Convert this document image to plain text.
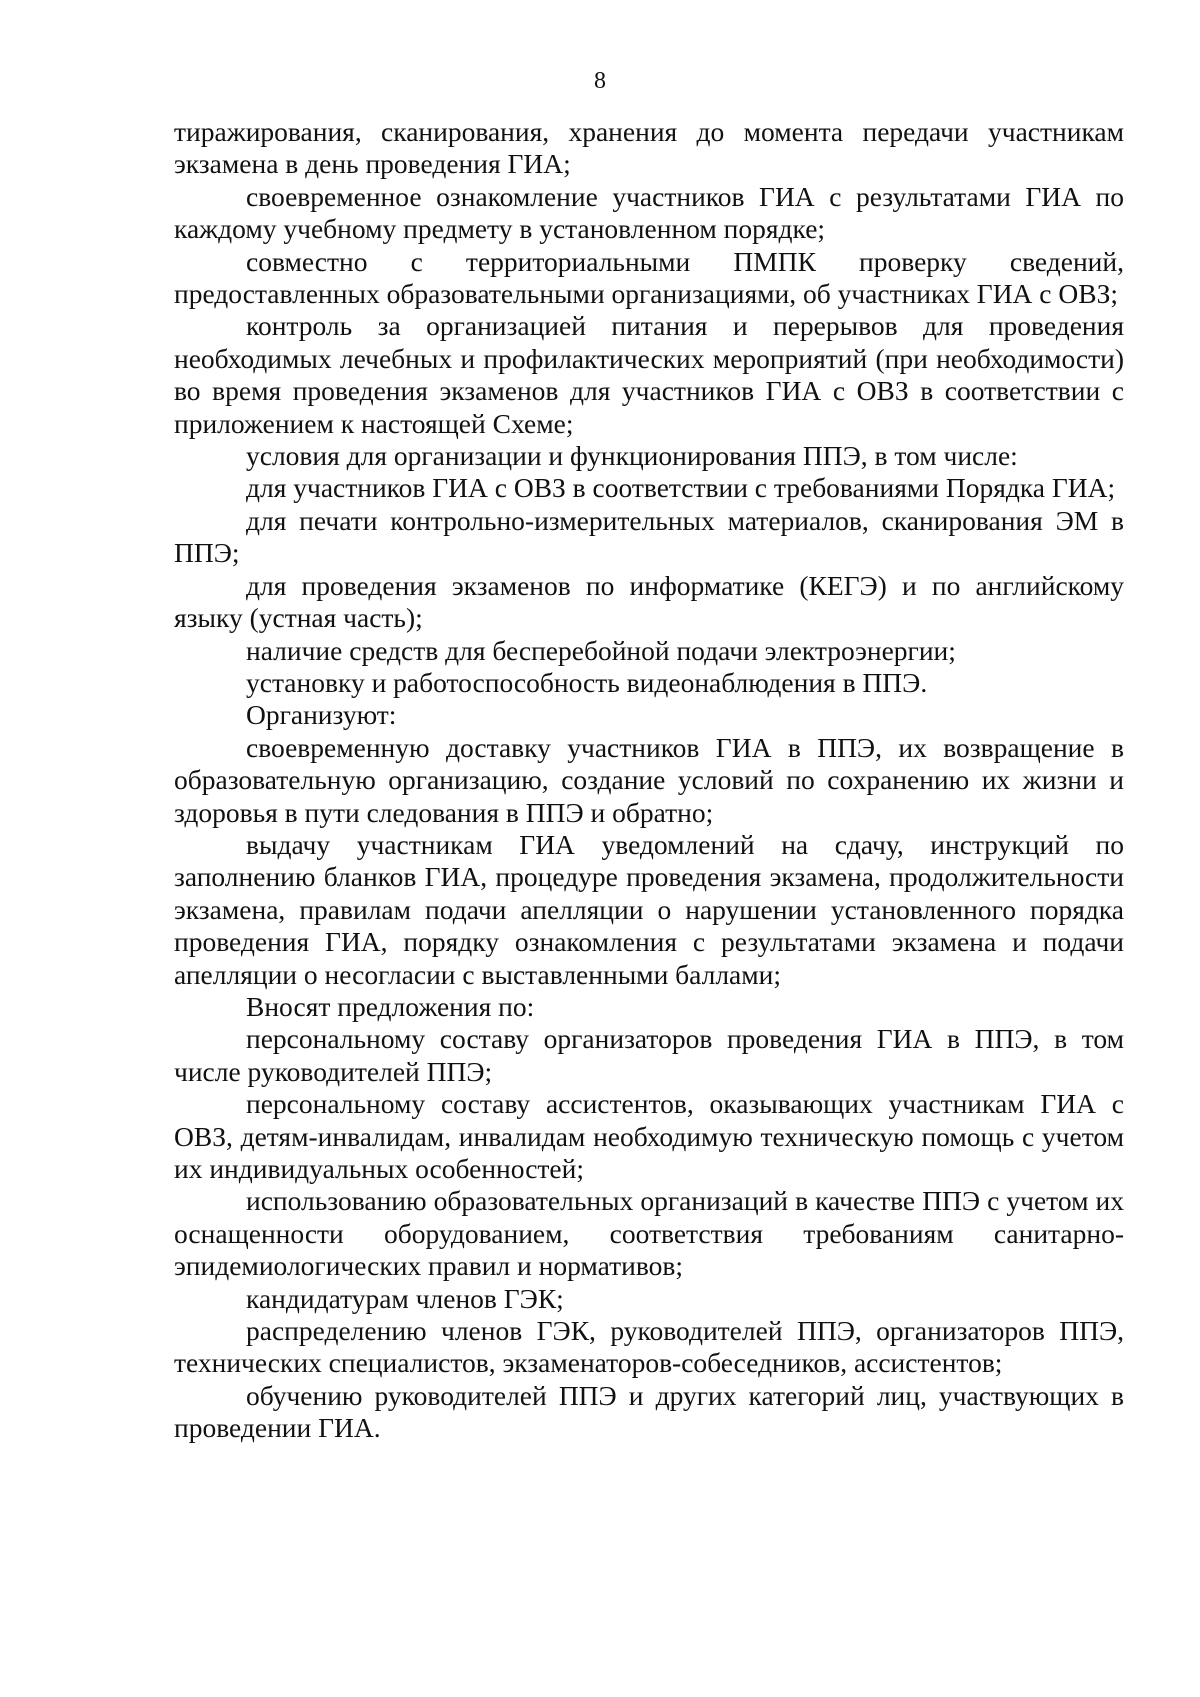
8

тиражирования, сканирования, хранения до момента передачи участникам экзамена в день проведения ГИА;

своевременное ознакомление участников ГИА с результатами ГИА по каждому учебному предмету в установленном порядке;

совместно с территориальными ПМПК проверку сведений, предоставленных образовательными организациями, об участниках ГИА с ОВЗ;

контроль за организацией питания и перерывов для проведения необходимых лечебных и профилактических мероприятий (при необходимости) во время проведения экзаменов для участников ГИА с ОВЗ в соответствии с приложением к настоящей Схеме;

условия для организации и функционирования ППЭ, в том числе:

для участников ГИА с ОВЗ в соответствии с требованиями Порядка ГИА;

для печати контрольно-измерительных материалов, сканирования ЭМ в ППЭ;

для проведения экзаменов по информатике (КЕГЭ) и по английскому языку (устная часть);

наличие средств для бесперебойной подачи электроэнергии;

установку и работоспособность видеонаблюдения в ППЭ.

Организуют:

своевременную доставку участников ГИА в ППЭ, их возвращение в образовательную организацию, создание условий по сохранению их жизни и здоровья в пути следования в ППЭ и обратно;

выдачу участникам ГИА уведомлений на сдачу, инструкций по заполнению бланков ГИА, процедуре проведения экзамена, продолжительности экзамена, правилам подачи апелляции о нарушении установленного порядка проведения ГИА, порядку ознакомления с результатами экзамена и подачи апелляции о несогласии с выставленными баллами;

Вносят предложения по:

персональному составу организаторов проведения ГИА в ППЭ, в том числе руководителей ППЭ;

персональному составу ассистентов, оказывающих участникам ГИА с ОВЗ, детям-инвалидам, инвалидам необходимую техническую помощь с учетом их индивидуальных особенностей;

использованию образовательных организаций в качестве ППЭ с учетом их оснащенности оборудованием, соответствия требованиям санитарно-эпидемиологических правил и нормативов;

кандидатурам членов ГЭК;

распределению членов ГЭК, руководителей ППЭ, организаторов ППЭ, технических специалистов, экзаменаторов-собеседников, ассистентов;

обучению руководителей ППЭ и других категорий лиц, участвующих в проведении ГИА.
